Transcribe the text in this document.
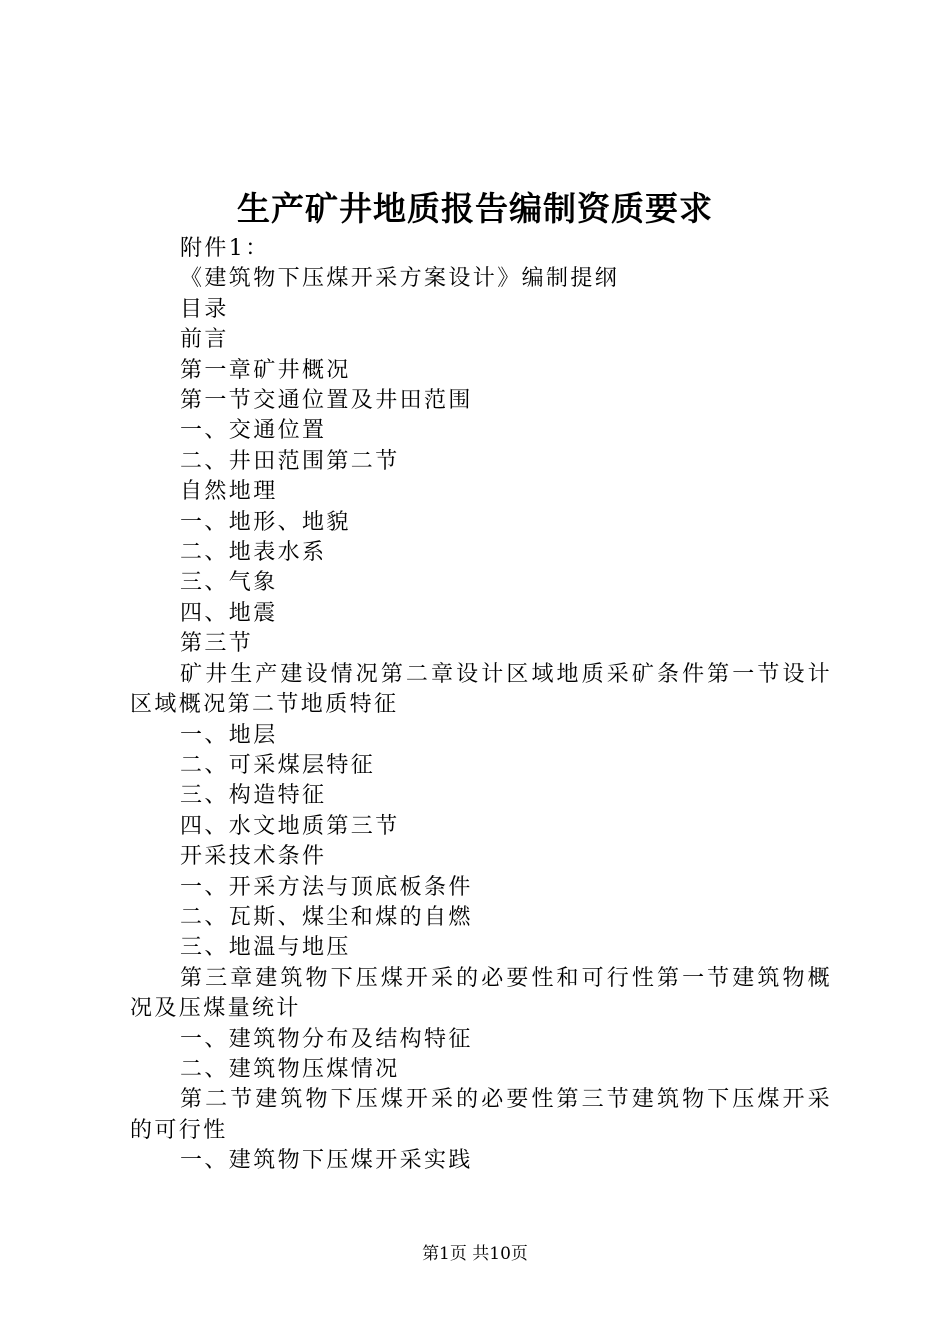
生产矿井地质报告编制资质要求
附件1：
《建筑物下压煤开采方案设计》编制提纲
目录
前言
第一章矿井概况
第一节交通位置及井田范围
一、交通位置
二、井田范围第二节
自然地理
一、地形、地貌
二、地表水系
三、气象
四、地震
第三节
矿井生产建设情况第二章设计区域地质采矿条件第一节设计区域概况第二节地质特征
一、地层
二、可采煤层特征
三、构造特征
四、水文地质第三节
开采技术条件
一、开采方法与顶底板条件
二、瓦斯、煤尘和煤的自燃
三、地温与地压
第三章建筑物下压煤开采的必要性和可行性第一节建筑物概况及压煤量统计
一、建筑物分布及结构特征
二、建筑物压煤情况
第二节建筑物下压煤开采的必要性第三节建筑物下压煤开采的可行性
一、建筑物下压煤开采实践
第1页 共10页
